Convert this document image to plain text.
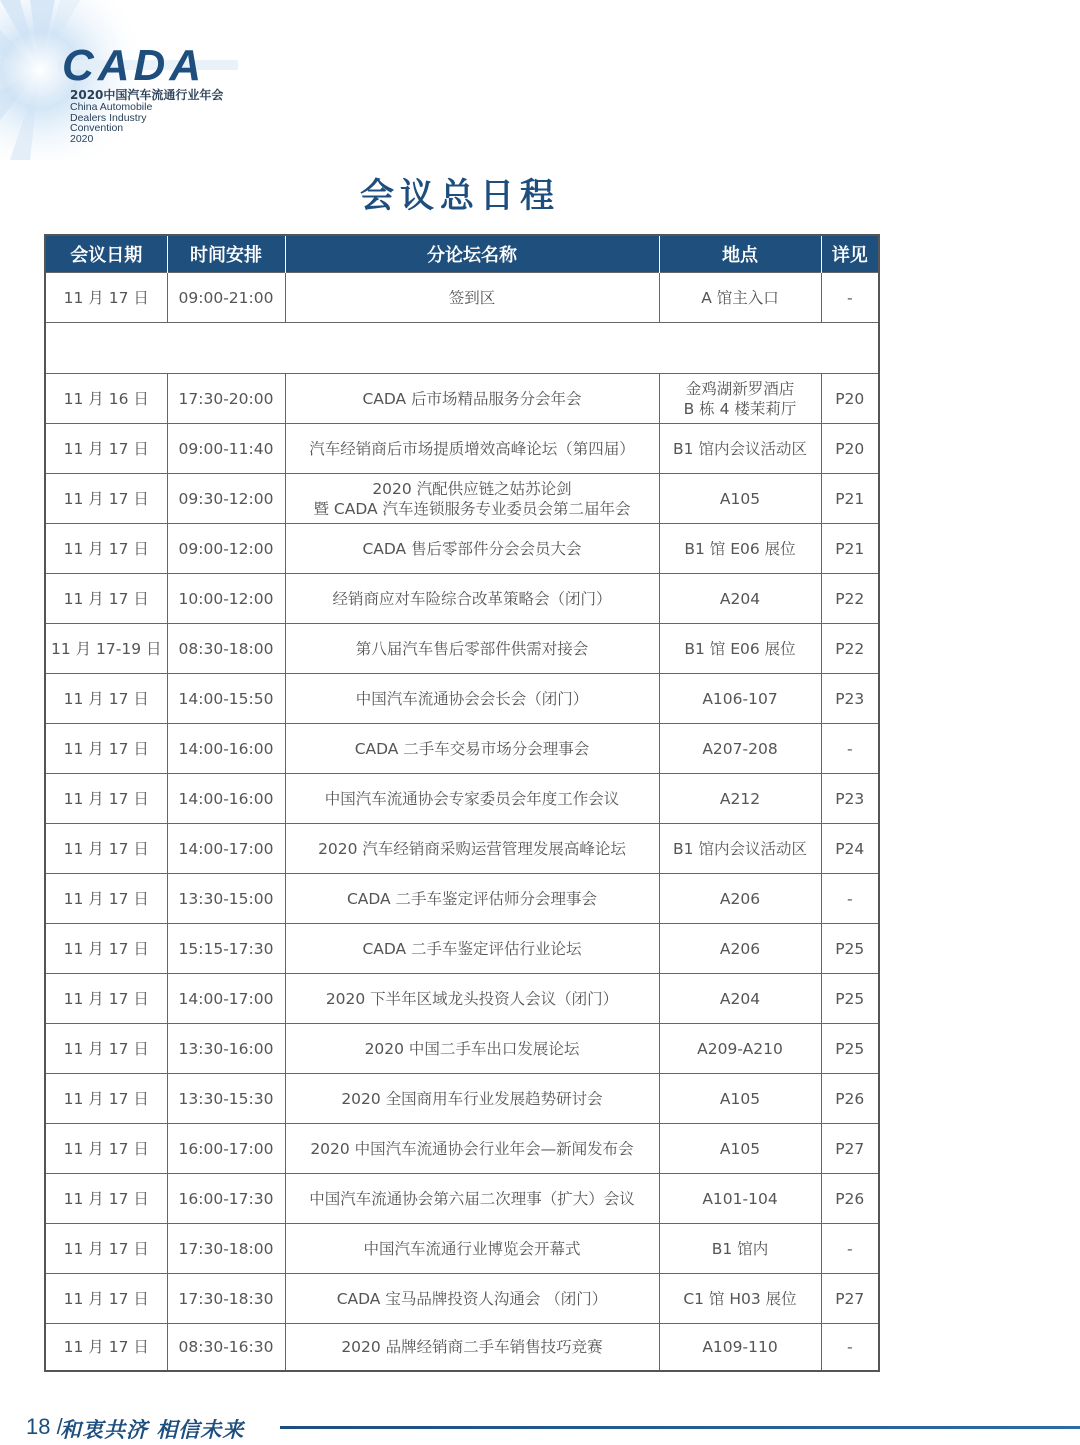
CADA
2020中国汽车流通行业年会
China Automobile
Dealers Industry
Convention
2020
会议总日程
会议日期	时间安排	分论坛名称	地点	详见
11 月 17 日	09:00-21:00	签到区	A 馆主入口	-

11 月 16 日	17:30-20:00	CADA 后市场精品服务分会年会	金鸡湖新罗酒店
B 栋 4 楼茉莉厅	P20
11 月 17 日	09:00-11:40	汽车经销商后市场提质增效高峰论坛（第四届）	B1 馆内会议活动区	P20
11 月 17 日	09:30-12:00	2020 汽配供应链之姑苏论剑
暨 CADA 汽车连锁服务专业委员会第二届年会	A105	P21
11 月 17 日	09:00-12:00	CADA 售后零部件分会会员大会	B1 馆 E06 展位	P21
11 月 17 日	10:00-12:00	经销商应对车险综合改革策略会（闭门）	A204	P22
11 月 17-19 日	08:30-18:00	第八届汽车售后零部件供需对接会	B1 馆 E06 展位	P22
11 月 17 日	14:00-15:50	中国汽车流通协会会长会（闭门）	A106-107	P23
11 月 17 日	14:00-16:00	CADA 二手车交易市场分会理事会	A207-208	-
11 月 17 日	14:00-16:00	中国汽车流通协会专家委员会年度工作会议	A212	P23
11 月 17 日	14:00-17:00	2020 汽车经销商采购运营管理发展高峰论坛	B1 馆内会议活动区	P24
11 月 17 日	13:30-15:00	CADA 二手车鉴定评估师分会理事会	A206	-
11 月 17 日	15:15-17:30	CADA 二手车鉴定评估行业论坛	A206	P25
11 月 17 日	14:00-17:00	2020 下半年区域龙头投资人会议（闭门）	A204	P25
11 月 17 日	13:30-16:00	2020 中国二手车出口发展论坛	A209-A210	P25
11 月 17 日	13:30-15:30	2020 全国商用车行业发展趋势研讨会	A105	P26
11 月 17 日	16:00-17:00	2020 中国汽车流通协会行业年会—新闻发布会	A105	P27
11 月 17 日	16:00-17:30	中国汽车流通协会第六届二次理事（扩大）会议	A101-104	P26
11 月 17 日	17:30-18:00	中国汽车流通行业博览会开幕式	B1 馆内	-
11 月 17 日	17:30-18:30	CADA 宝马品牌投资人沟通会 （闭门）	C1 馆 H03 展位	P27
11 月 17 日	08:30-16:30	2020 品牌经销商二手车销售技巧竞赛	A109-110	-
18 /
和衷共济 相信未来
